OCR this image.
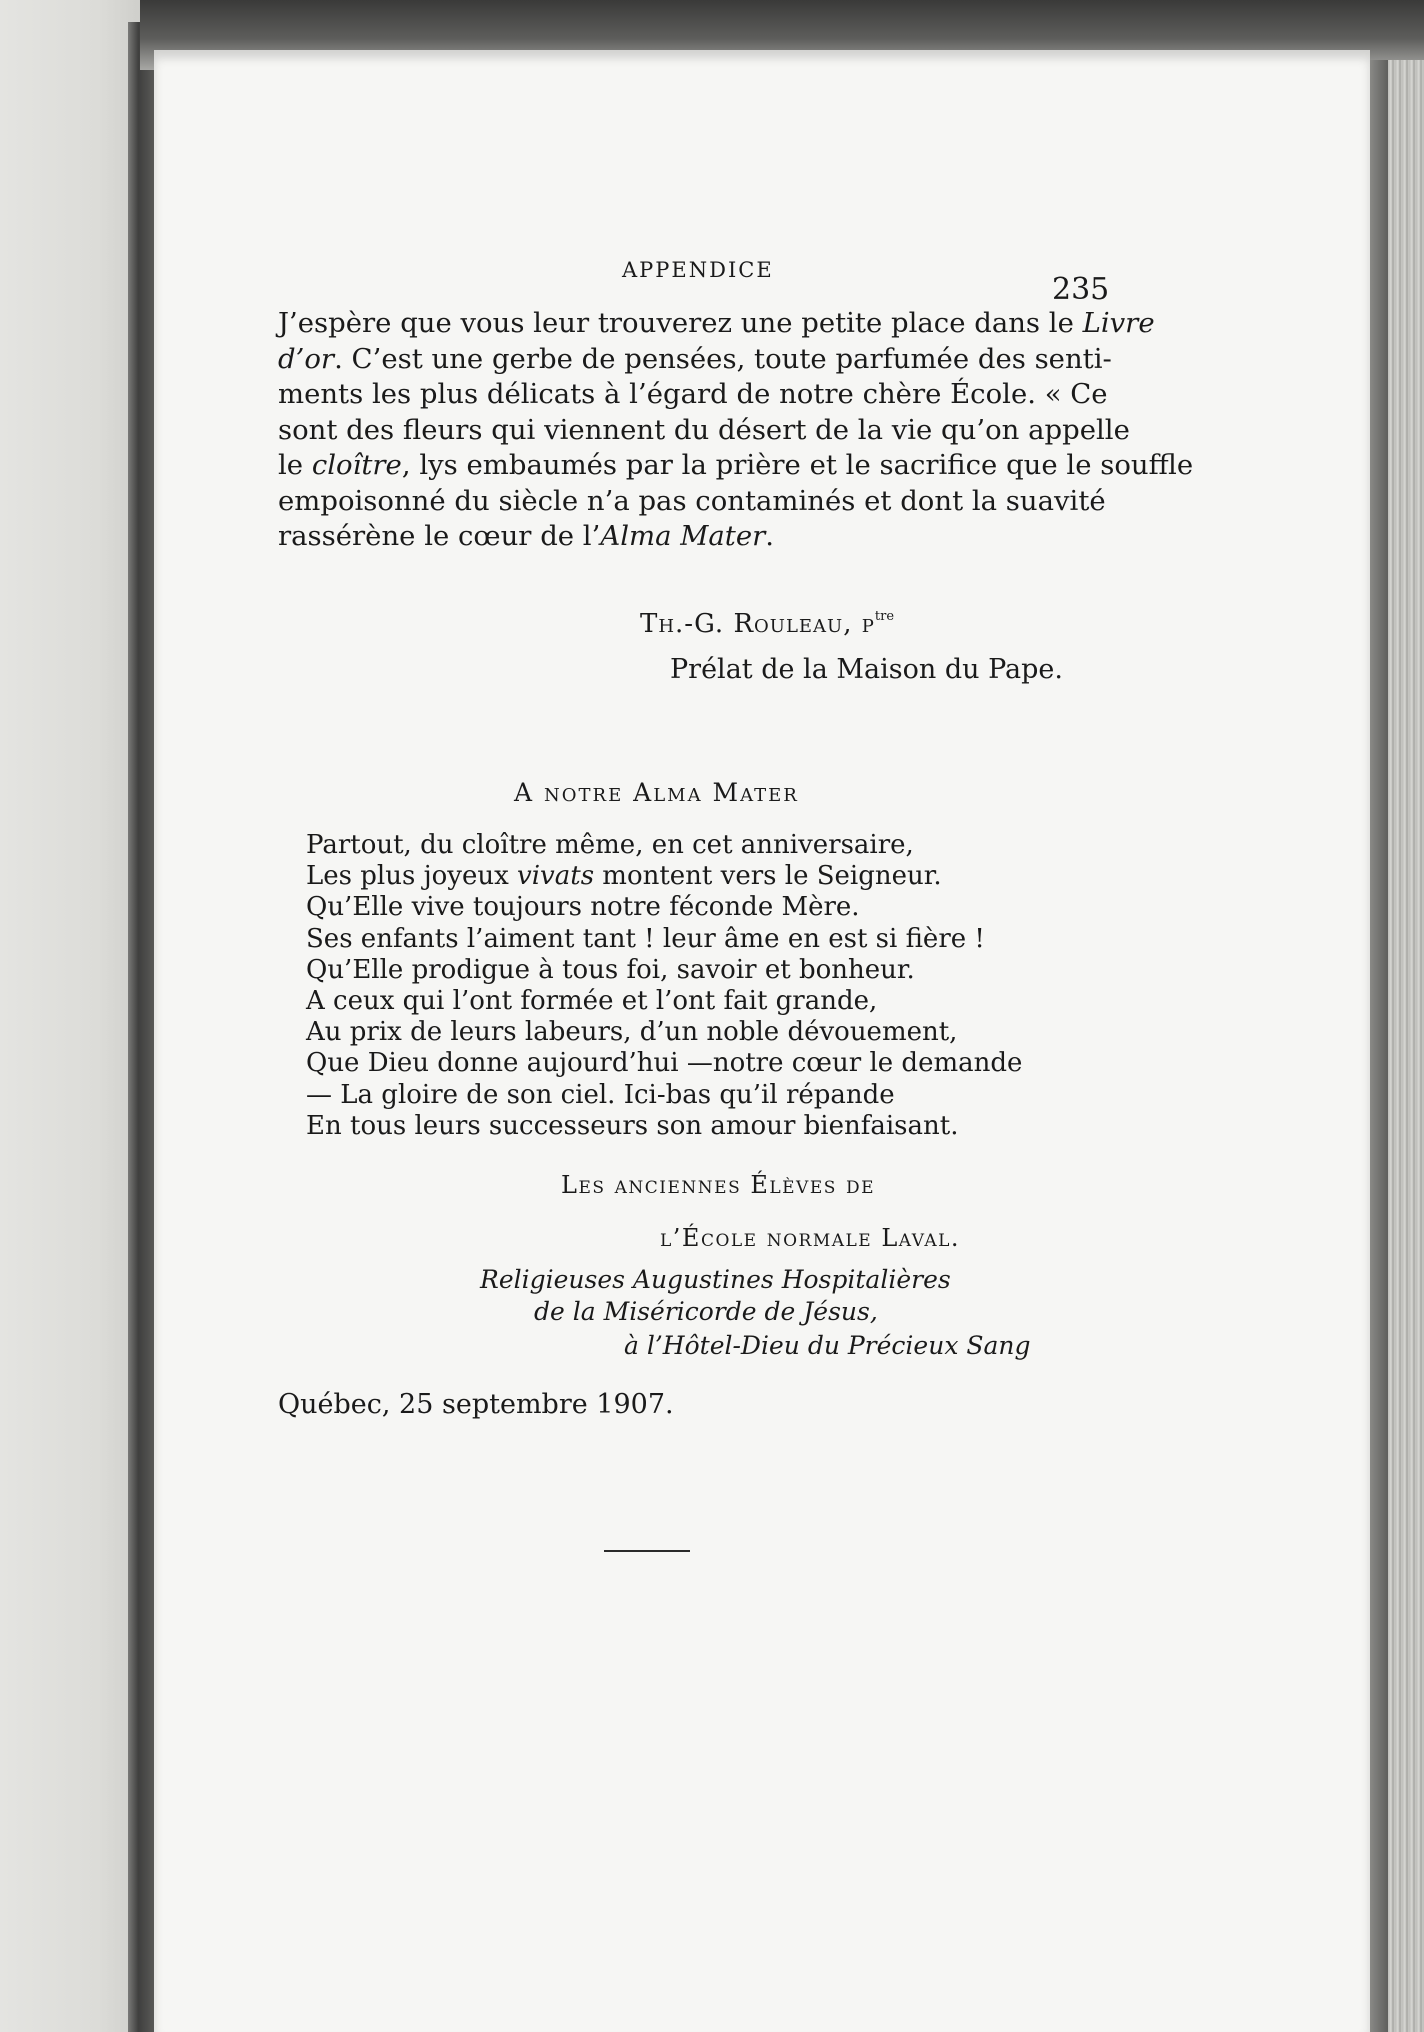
APPENDICE
235
J’espère que vous leur trouverez une petite place dans le Livre
d’or. C’est une gerbe de pensées, toute parfumée des senti-
ments les plus délicats à l’égard de notre chère École. « Ce
sont des fleurs qui viennent du désert de la vie qu’on appelle
le cloître, lys embaumés par la prière et le sacrifice que le souffle
empoisonné du siècle n’a pas contaminés et dont la suavité
rassérène le cœur de l’Alma Mater.
Th.-G. Rouleau, $p^{tre}$
Prélat de la Maison du Pape.
A notre Alma Mater
Partout, du cloître même, en cet anniversaire,
Les plus joyeux vivats montent vers le Seigneur.
Qu’Elle vive toujours notre féconde Mère.
Ses enfants l’aiment tant ! leur âme en est si fière !
Qu’Elle prodigue à tous foi, savoir et bonheur.
A ceux qui l’ont formée et l’ont fait grande,
Au prix de leurs labeurs, d’un noble dévouement,
Que Dieu donne aujourd’hui —notre cœur le demande
— La gloire de son ciel. Ici-bas qu’il répande
En tous leurs successeurs son amour bienfaisant.
Les anciennes Élèves de
l’École normale Laval.
Religieuses Augustines Hospitalières
de la Miséricorde de Jésus,
à l’Hôtel-Dieu du Précieux Sang
Québec, 25 septembre 1907.
